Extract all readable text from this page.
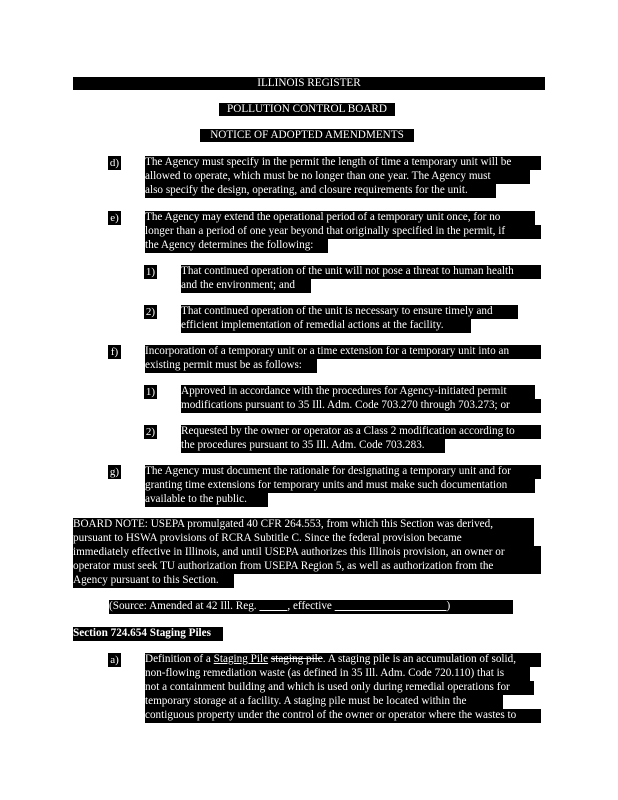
ILLINOIS REGISTER
POLLUTION CONTROL BOARD
NOTICE OF ADOPTED AMENDMENTS
d) The Agency must specify in the permit the length of time a temporary unit will be
allowed to operate, which must be no longer than one year. The Agency must
also specify the design, operating, and closure requirements for the unit.
e) The Agency may extend the operational period of a temporary unit once, for no
longer than a period of one year beyond that originally specified in the permit, if
the Agency determines the following:
1) That continued operation of the unit will not pose a threat to human health
and the environment; and
2) That continued operation of the unit is necessary to ensure timely and
efficient implementation of remedial actions at the facility.
f) Incorporation of a temporary unit or a time extension for a temporary unit into an
existing permit must be as follows:
1) Approved in accordance with the procedures for Agency-initiated permit
modifications pursuant to 35 Ill. Adm. Code 703.270 through 703.273; or
2) Requested by the owner or operator as a Class 2 modification according to
the procedures pursuant to 35 Ill. Adm. Code 703.283.
g) The Agency must document the rationale for designating a temporary unit and for
granting time extensions for temporary units and must make such documentation
available to the public.
BOARD NOTE: USEPA promulgated 40 CFR 264.553, from which this Section was derived,
pursuant to HSWA provisions of RCRA Subtitle C. Since the federal provision became
immediately effective in Illinois, and until USEPA authorizes this Illinois provision, an owner or
operator must seek TU authorization from USEPA Region 5, as well as authorization from the
Agency pursuant to this Section.
(Source: Amended at 42 Ill. Reg.           , effective	)
Section 724.654 Staging Piles
a) Definition of a Staging Pile staging pile. A staging pile is an accumulation of solid,
non-flowing remediation waste (as defined in 35 Ill. Adm. Code 720.110) that is
not a containment building and which is used only during remedial operations for
temporary storage at a facility. A staging pile must be located within the
contiguous property under the control of the owner or operator where the wastes to
